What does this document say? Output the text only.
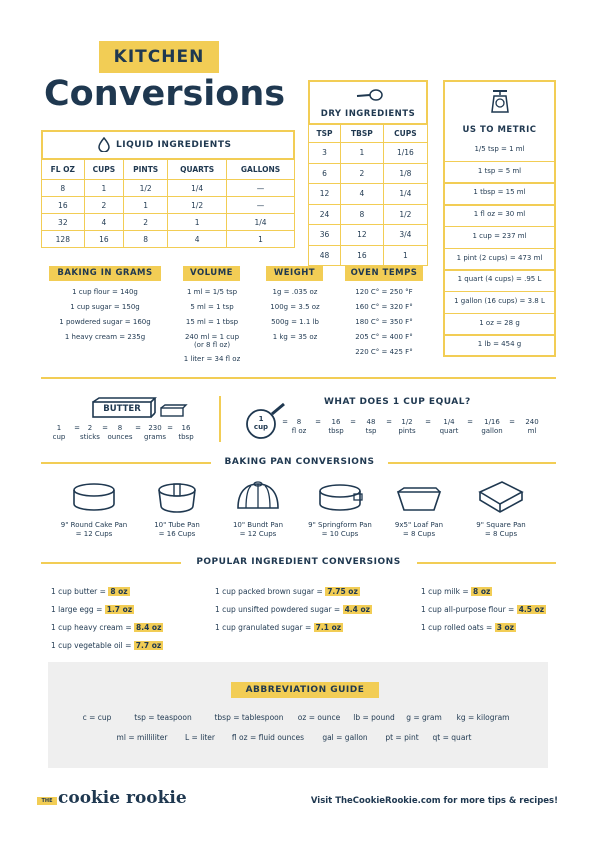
KITCHEN
Conversions
LIQUID INGREDIENTS
FL OZ	CUPS	PINTS	QUARTS	GALLONS
8	1	1/2	1/4	—
16	2	1	1/2	—
32	4	2	1	1/4
128	16	8	4	1
DRY INGREDIENTS
TSP	TBSP	CUPS
3	1	1/16
6	2	1/8
12	4	1/4
24	8	1/2
36	12	3/4
48	16	1
US TO METRIC
1/5 tsp = 1 ml
1 tsp = 5 ml
1 tbsp = 15 ml
1 fl oz = 30 ml
1 cup = 237 ml
1 pint (2 cups) = 473 ml
1 quart (4 cups) = .95 L
1 gallon (16 cups) = 3.8 L
1 oz = 28 g
1 lb = 454 g
BAKING IN GRAMS
1 cup flour = 140g
1 cup sugar = 150g
1 powdered sugar = 160g
1 heavy cream = 235g
VOLUME
1 ml = 1/5 tsp
5 ml = 1 tsp
15 ml = 1 tbsp
240 ml = 1 cup
(or 8 fl oz)
1 liter = 34 fl oz
WEIGHT
1g = .035 oz
100g = 3.5 oz
500g = 1.1 lb
1 kg = 35 oz
OVEN TEMPS
120 C° = 250 °F
160 C° = 320 F°
180 C° = 350 F°
205 C° = 400 F°
220 C° = 425 F°
BUTTER
1	=	2	=	8	=	230 =	16
cup	sticks	ounces	grams	tbsp
1
cup
WHAT DOES 1 CUP EQUAL?
=	8
fl oz
=	16
tbsp
=	48
tsp
=	1/2
pints
=	1/4
quart
=	1/16
gallon
=	240
ml
BAKING PAN CONVERSIONS
9" Round Cake Pan
= 12 Cups
10" Tube Pan
= 16 Cups
10" Bundt Pan
= 12 Cups
9" Springform Pan
= 10 Cups
9x5" Loaf Pan
= 8 Cups
9" Square Pan
= 8 Cups
POPULAR INGREDIENT CONVERSIONS
1 cup butter = 8 oz
1 large egg = 1.7 oz
1 cup heavy cream = 8.4 oz
1 cup vegetable oil = 7.7 oz
1 cup packed brown sugar = 7.75 oz
1 cup unsifted powdered sugar = 4.4 oz
1 cup granulated sugar = 7.1 oz
1 cup milk = 8 oz
1 cup all-purpose flour = 4.5 oz
1 cup rolled oats = 3 oz
ABBREVIATION GUIDE
c = cup	tsp = teaspoon	tbsp = tablespoon	oz = ounce	lb = pound	g = gram	kg = kilogram
ml = milliliter	L = liter	fl oz = fluid ounces	gal = gallon	pt = pint	qt = quart
THE cookie rookie	Visit TheCookieRookie.com for more tips & recipes!
